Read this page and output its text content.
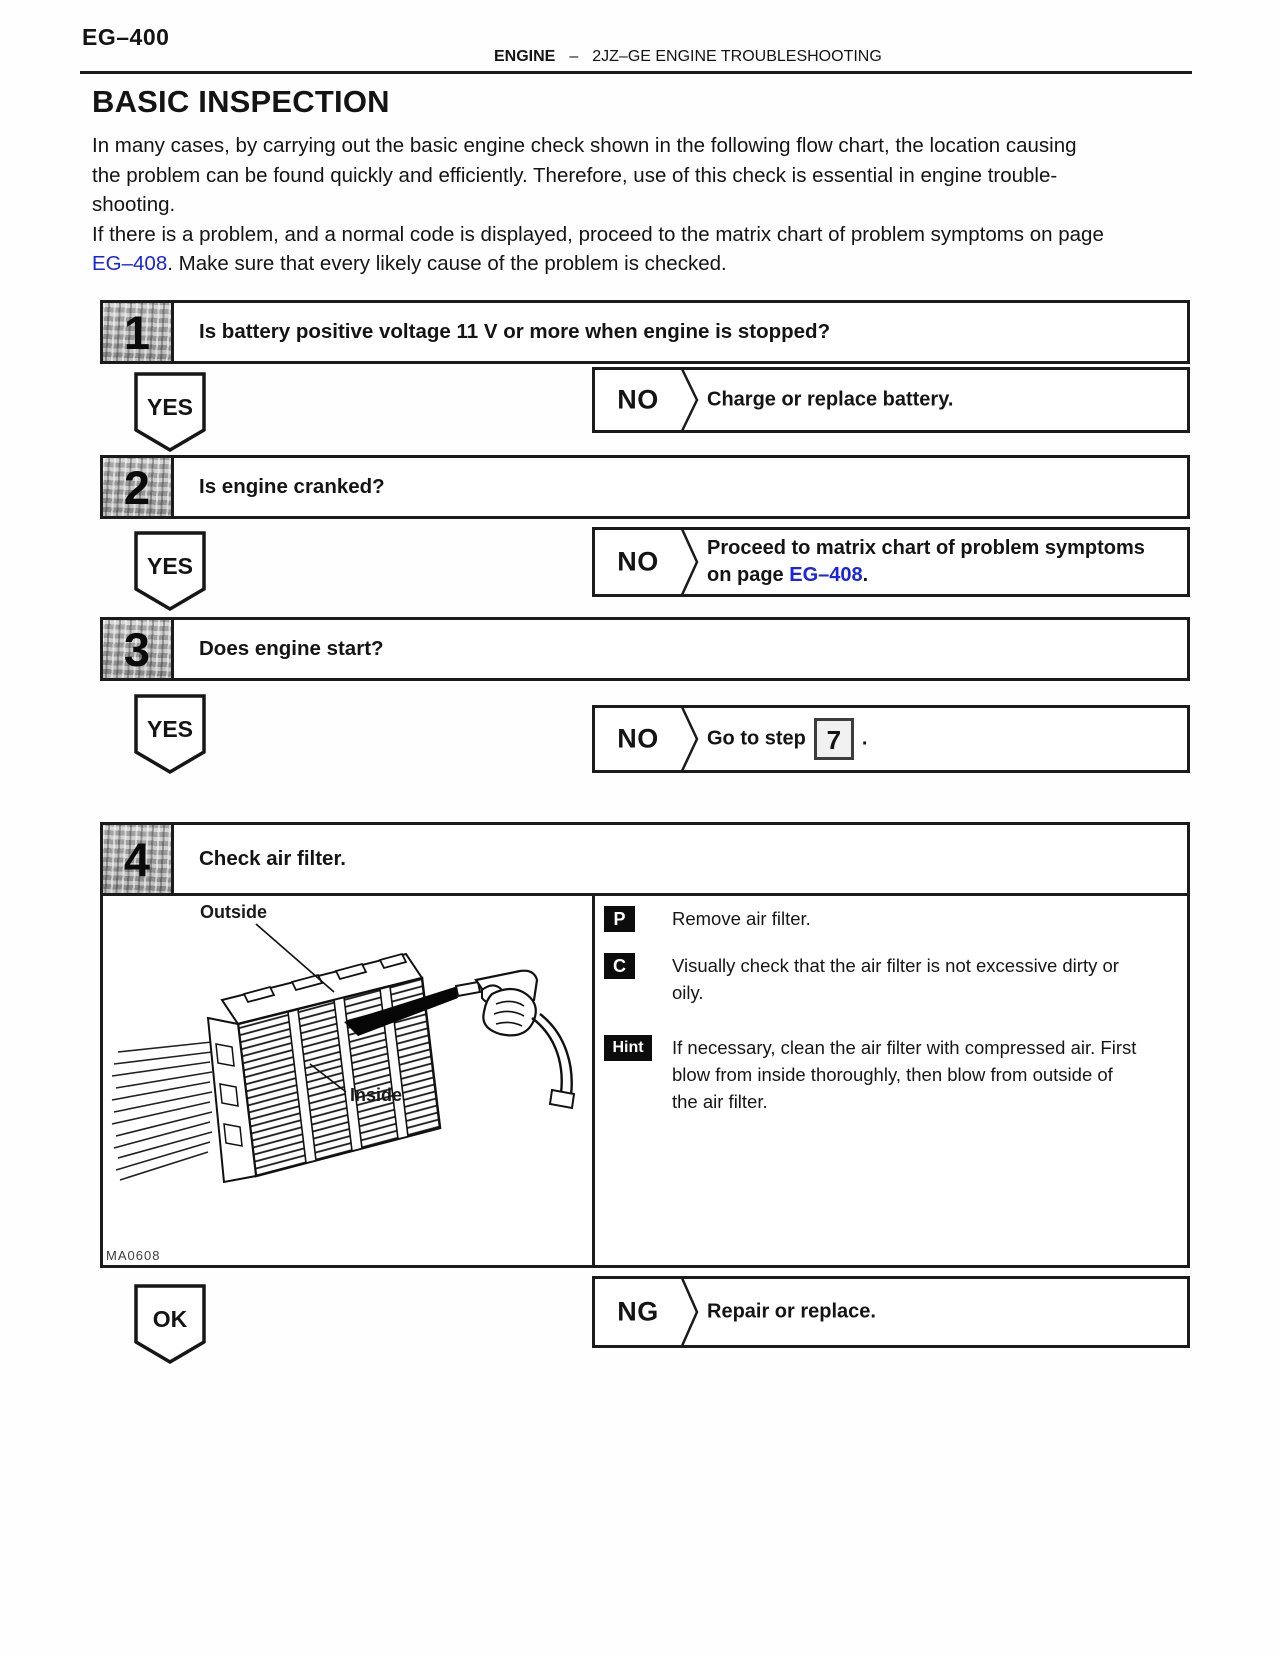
EG–400
ENGINE – 2JZ–GE ENGINE TROUBLESHOOTING
BASIC INSPECTION
In many cases, by carrying out the basic engine check shown in the following flow chart, the location causing
the problem can be found quickly and efficiently. Therefore, use of this check is essential in engine trouble-
shooting.
If there is a problem, and a normal code is displayed, proceed to the matrix chart of problem symptoms on page
EG–408. Make sure that every likely cause of the problem is checked.
1	Is battery positive voltage 11 V or more when engine is stopped?
YES	NO	Charge or replace battery.
2	Is engine cranked?
YES	NO	Proceed to matrix chart of problem symptoms
on page EG–408.
3	Does engine start?
YES	NO	Go to step 7 .
4	Check air filter.
Outside
Inside
MA0608
P	Remove air filter.
C	Visually check that the air filter is not excessive dirty or
oily.
Hint	If necessary, clean the air filter with compressed air. First
blow from inside thoroughly, then blow from outside of
the air filter.
OK	NG	Repair or replace.
